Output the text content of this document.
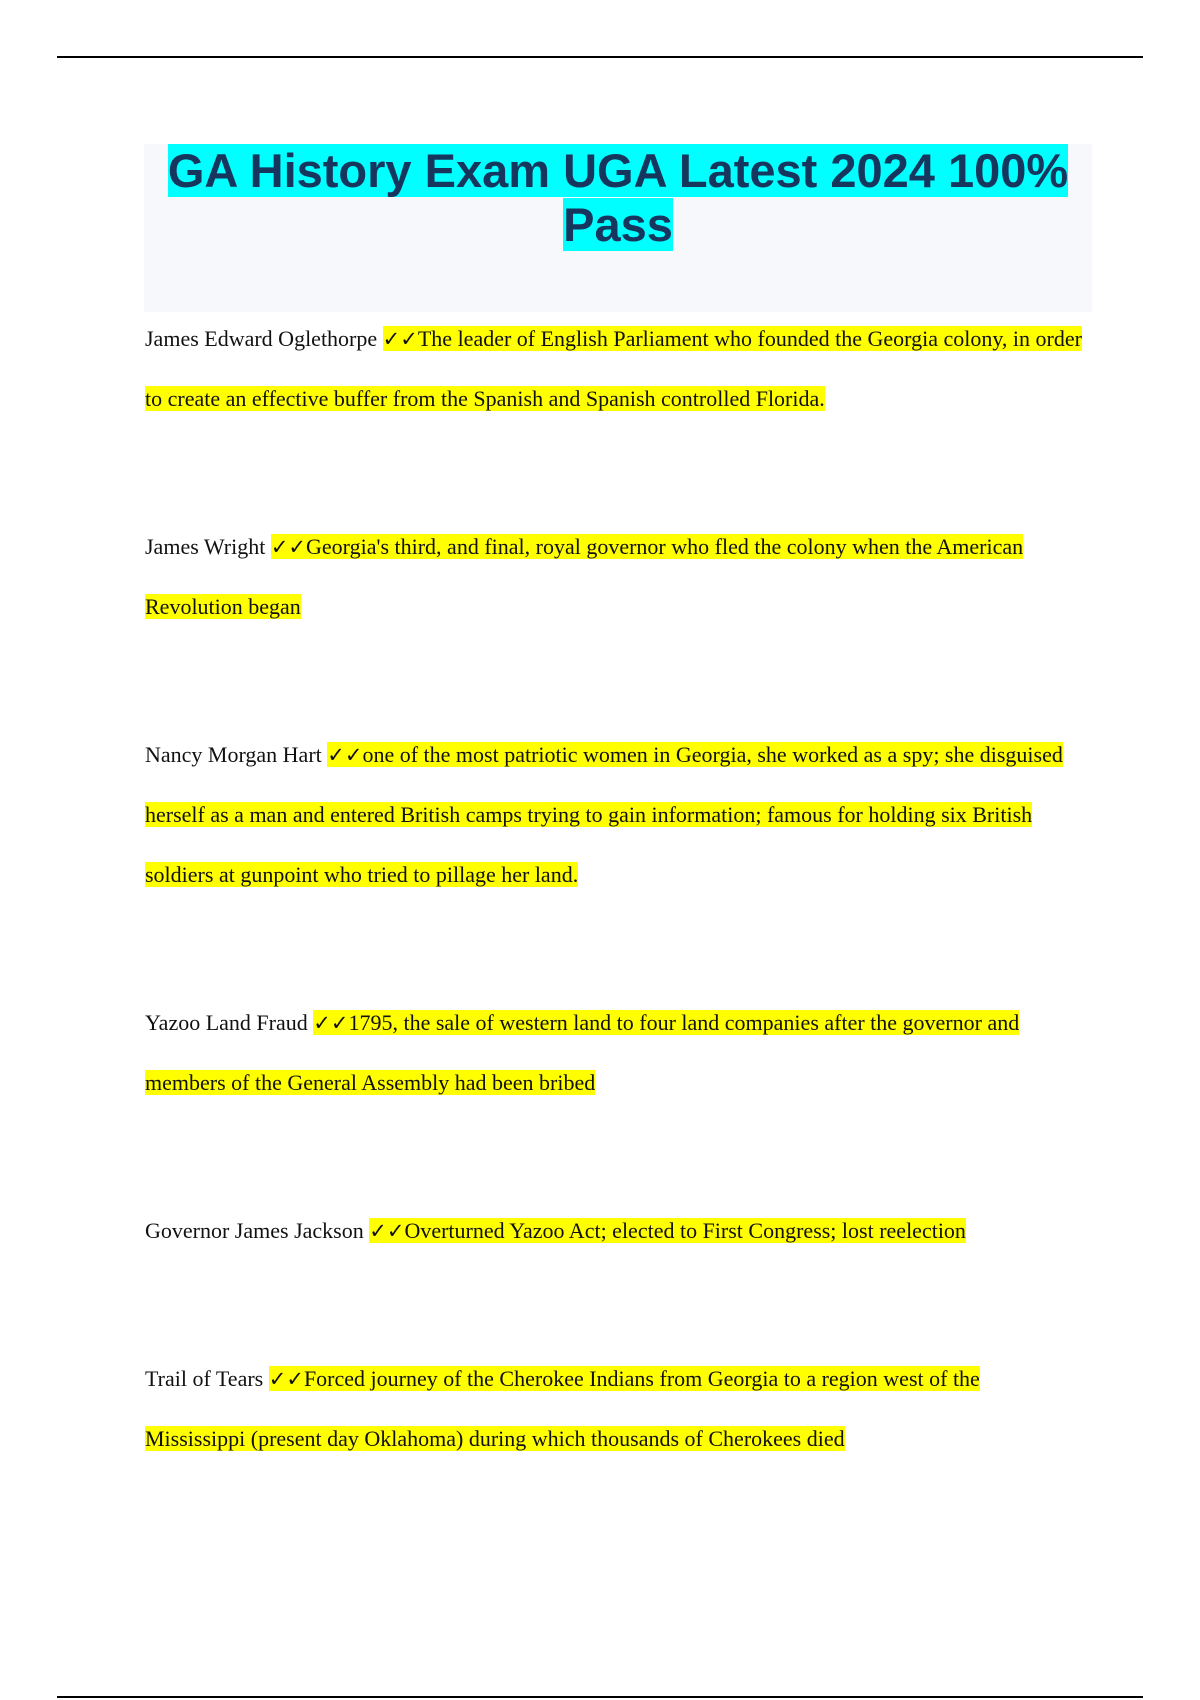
GA History Exam UGA Latest 2024 100% Pass

James Edward Oglethorpe ✓✓The leader of English Parliament who founded the Georgia colony, in order to create an effective buffer from the Spanish and Spanish controlled Florida.

James Wright ✓✓Georgia's third, and final, royal governor who fled the colony when the American Revolution began

Nancy Morgan Hart ✓✓one of the most patriotic women in Georgia, she worked as a spy; she disguised herself as a man and entered British camps trying to gain information; famous for holding six British soldiers at gunpoint who tried to pillage her land.

Yazoo Land Fraud ✓✓1795, the sale of western land to four land companies after the governor and members of the General Assembly had been bribed

Governor James Jackson ✓✓Overturned Yazoo Act; elected to First Congress; lost reelection

Trail of Tears ✓✓Forced journey of the Cherokee Indians from Georgia to a region west of the Mississippi (present day Oklahoma) during which thousands of Cherokees died
